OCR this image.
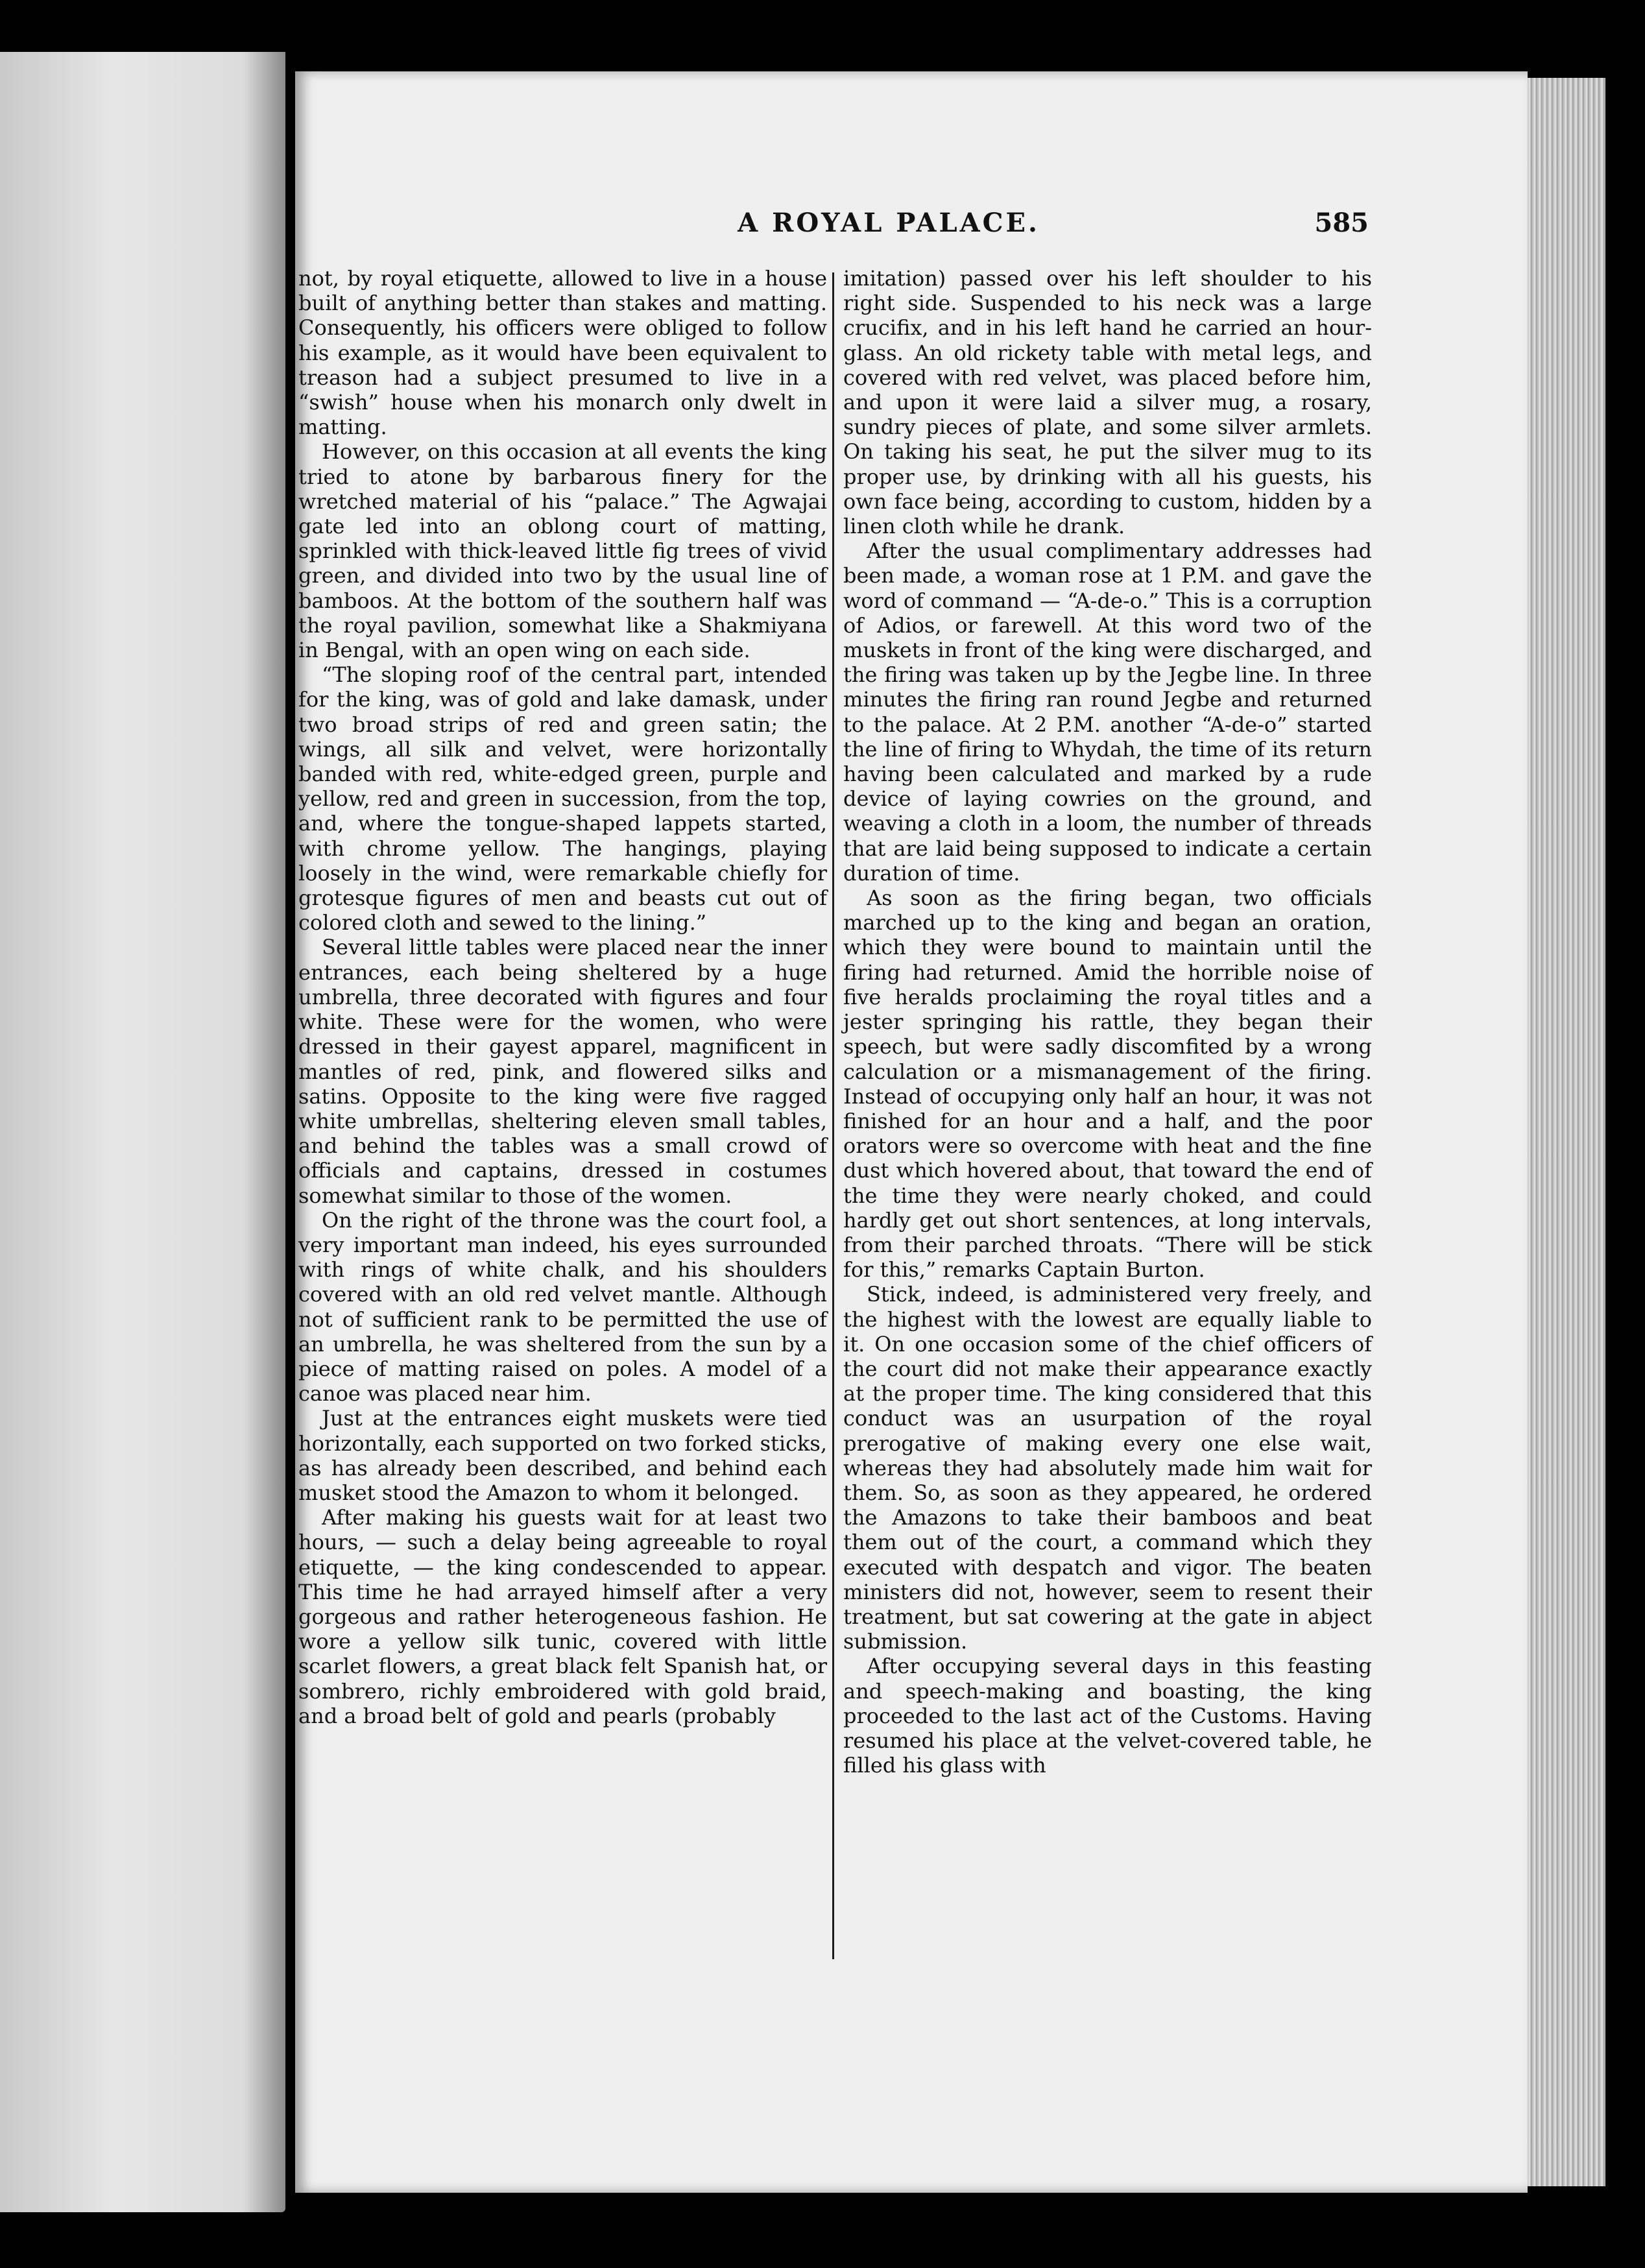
A ROYAL PALACE.	585

not, by royal etiquette, allowed to live in a house built of anything better than stakes and matting. Consequently, his officers were obliged to follow his example, as it would have been equivalent to treason had a subject presumed to live in a “swish” house when his monarch only dwelt in matting.

However, on this occasion at all events the king tried to atone by barbarous finery for the wretched material of his “palace.” The Agwajai gate led into an oblong court of matting, sprinkled with thick-leaved little fig trees of vivid green, and divided into two by the usual line of bamboos. At the bottom of the southern half was the royal pavilion, somewhat like a Shakmiyana in Bengal, with an open wing on each side.

“The sloping roof of the central part, intended for the king, was of gold and lake damask, under two broad strips of red and green satin; the wings, all silk and velvet, were horizontally banded with red, white-edged green, purple and yellow, red and green in succession, from the top, and, where the tongue-shaped lappets started, with chrome yellow. The hangings, playing loosely in the wind, were remarkable chiefly for grotesque figures of men and beasts cut out of colored cloth and sewed to the lining.”

Several little tables were placed near the inner entrances, each being sheltered by a huge umbrella, three decorated with figures and four white. These were for the women, who were dressed in their gayest apparel, magnificent in mantles of red, pink, and flowered silks and satins. Opposite to the king were five ragged white umbrellas, sheltering eleven small tables, and behind the tables was a small crowd of officials and captains, dressed in costumes somewhat similar to those of the women.

On the right of the throne was the court fool, a very important man indeed, his eyes surrounded with rings of white chalk, and his shoulders covered with an old red velvet mantle. Although not of sufficient rank to be permitted the use of an umbrella, he was sheltered from the sun by a piece of matting raised on poles. A model of a canoe was placed near him.

Just at the entrances eight muskets were tied horizontally, each supported on two forked sticks, as has already been described, and behind each musket stood the Amazon to whom it belonged.

After making his guests wait for at least two hours, — such a delay being agreeable to royal etiquette, — the king condescended to appear. This time he had arrayed himself after a very gorgeous and rather heterogeneous fashion. He wore a yellow silk tunic, covered with little scarlet flowers, a great black felt Spanish hat, or sombrero, richly embroidered with gold braid, and a broad belt of gold and pearls (probably

imitation) passed over his left shoulder to his right side. Suspended to his neck was a large crucifix, and in his left hand he carried an hour-glass. An old rickety table with metal legs, and covered with red velvet, was placed before him, and upon it were laid a silver mug, a rosary, sundry pieces of plate, and some silver armlets. On taking his seat, he put the silver mug to its proper use, by drinking with all his guests, his own face being, according to custom, hidden by a linen cloth while he drank.

After the usual complimentary addresses had been made, a woman rose at 1 P.M. and gave the word of command — “A-de-o.” This is a corruption of Adios, or farewell. At this word two of the muskets in front of the king were discharged, and the firing was taken up by the Jegbe line. In three minutes the firing ran round Jegbe and returned to the palace. At 2 P.M. another “A-de-o” started the line of firing to Whydah, the time of its return having been calculated and marked by a rude device of laying cowries on the ground, and weaving a cloth in a loom, the number of threads that are laid being supposed to indicate a certain duration of time.

As soon as the firing began, two officials marched up to the king and began an oration, which they were bound to maintain until the firing had returned. Amid the horrible noise of five heralds proclaiming the royal titles and a jester springing his rattle, they began their speech, but were sadly discomfited by a wrong calculation or a mismanagement of the firing. Instead of occupying only half an hour, it was not finished for an hour and a half, and the poor orators were so overcome with heat and the fine dust which hovered about, that toward the end of the time they were nearly choked, and could hardly get out short sentences, at long intervals, from their parched throats. “There will be stick for this,” remarks Captain Burton.

Stick, indeed, is administered very freely, and the highest with the lowest are equally liable to it. On one occasion some of the chief officers of the court did not make their appearance exactly at the proper time. The king considered that this conduct was an usurpation of the royal prerogative of making every one else wait, whereas they had absolutely made him wait for them. So, as soon as they appeared, he ordered the Amazons to take their bamboos and beat them out of the court, a command which they executed with despatch and vigor. The beaten ministers did not, however, seem to resent their treatment, but sat cowering at the gate in abject submission.

After occupying several days in this feasting and speech-making and boasting, the king proceeded to the last act of the Customs. Having resumed his place at the velvet-covered table, he filled his glass with
